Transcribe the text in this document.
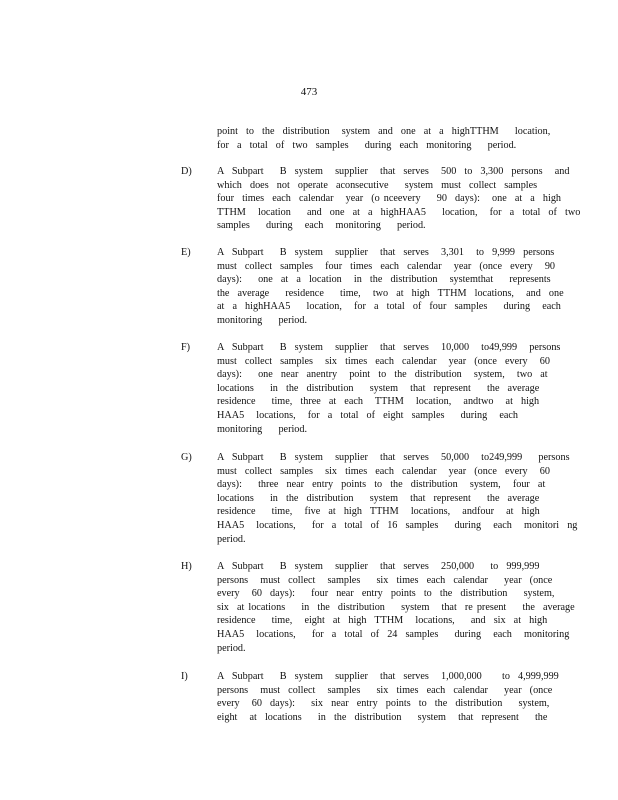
473
point  to  the  distribution   system  and  one  at  a  highTTHM    location,
for  a  total  of  two  samples    during  each  monitoring    period.
D) A  Subpart    B  system   supplier   that  serves   500  to  3,300  persons   and
which  does  not  operate  aconsecutive    system  must  collect  samples
four  times  each  calendar   year  (o nceevery    90  days):   one  at  a  high
TTHM   location    and  one  at  a  highHAA5    location,   for  a  total  of  two
samples    during   each   monitoring    period.
E)	A  Subpart    B  system   supplier   that  serves   3,301   to  9,999  persons
must  collect  samples   four  times  each  calendar   year  (once  every   90
days):    one  at  a  location   in  the  distribution   systemthat    represents
the  average    residence    time,   two  at  high  TTHM  locations,   and  one
at  a  highHAA5    location,   for  a  total  of  four  samples    during   each
monitoring    period.
F)	A  Subpart    B  system   supplier   that  serves   10,000   to49,999   persons
must  collect  samples   six  times  each  calendar   year  (once  every   60
days):    one  near  anentry   point  to  the  distribution   system,   two  at
locations    in  the  distribution    system   that  represent    the  average
residence    time,  three  at  each   TTHM   location,   andtwo   at  high
HAA5   locations,   for  a  total  of  eight  samples    during   each
monitoring    period.
G) A  Subpart    B  system   supplier   that  serves   50,000   to249,999    persons
must  collect  samples   six  times  each  calendar   year  (once  every   60
days):    three  near  entry  points  to  the  distribution   system,   four  at
locations    in  the  distribution    system   that  represent    the  average
residence    time,   five  at  high  TTHM   locations,   andfour   at  high
HAA5   locations,    for  a  total  of  16  samples    during   each   monitori  ng
period.
H) A  Subpart    B  system   supplier   that  serves   250,000    to  999,999
persons   must  collect   samples    six  times  each  calendar    year  (once
every   60  days):    four  near  entry  points  to  the  distribution    system,
six  at locations    in  the  distribution    system   that  re present    the  average
residence    time,   eight  at  high  TTHM   locations,    and  six  at  high
HAA5   locations,    for  a  total  of  24  samples    during   each   monitoring
period.
I)	A  Subpart    B  system   supplier   that  serves   1,000,000     to  4,999,999
persons   must  collect   samples    six  times  each  calendar    year  (once
every   60  days):    six  near  entry  points  to  the  distribution    system,
eight   at  locations    in  the  distribution    system   that  represent    the
